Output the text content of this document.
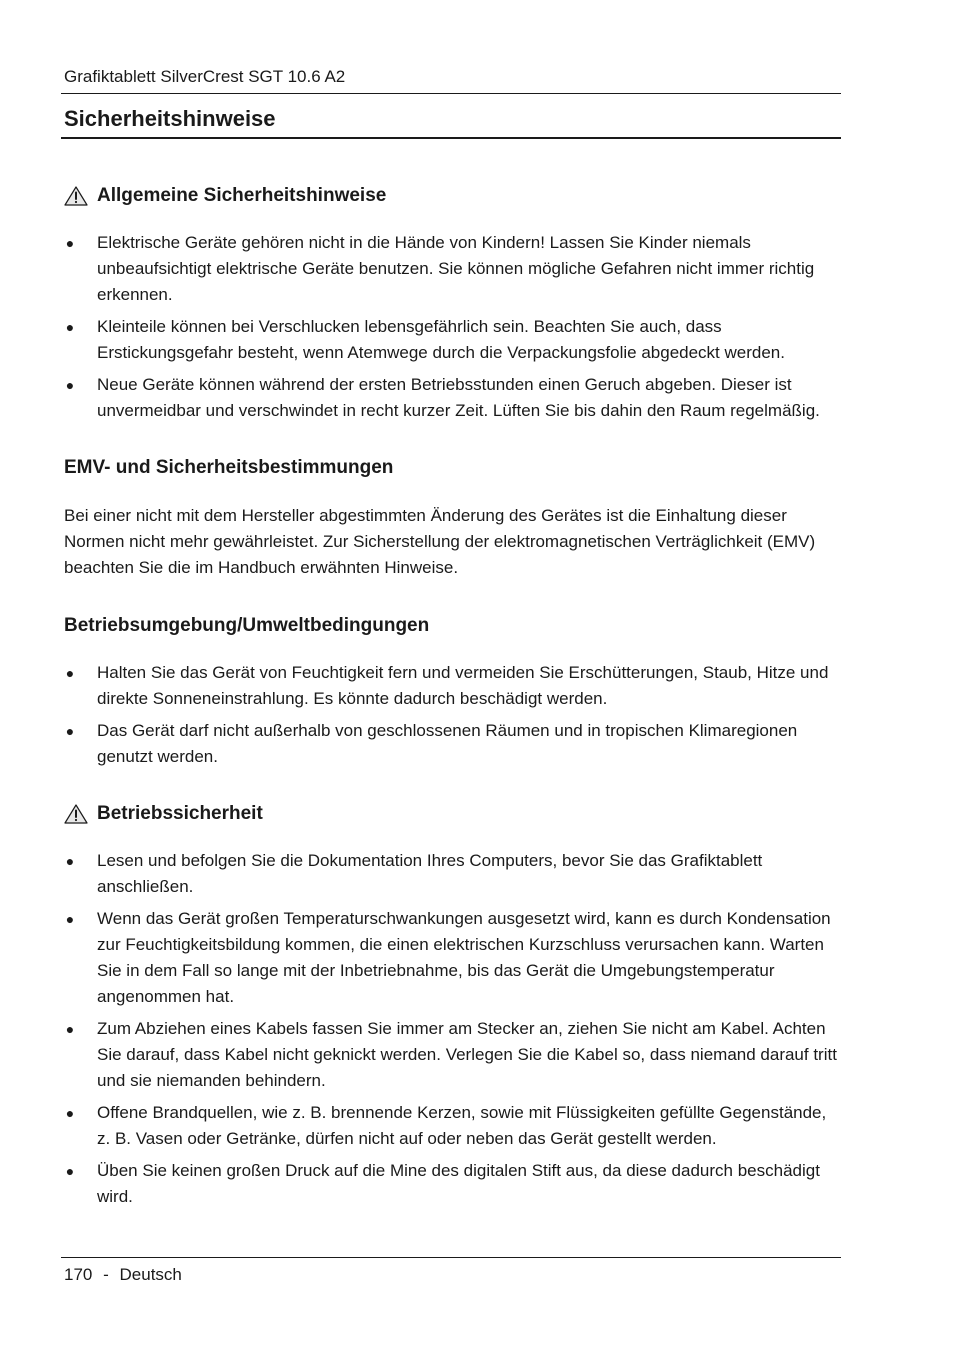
Grafiktablett SilverCrest SGT 10.6 A2
Sicherheitshinweise
Allgemeine Sicherheitshinweise
● Elektrische Geräte gehören nicht in die Hände von Kindern! Lassen Sie Kinder niemals unbeaufsichtigt elektrische Geräte benutzen. Sie können mögliche Gefahren nicht immer richtig erkennen.
● Kleinteile können bei Verschlucken lebensgefährlich sein. Beachten Sie auch, dass Erstickungsgefahr besteht, wenn Atemwege durch die Verpackungsfolie abgedeckt werden.
● Neue Geräte können während der ersten Betriebsstunden einen Geruch abgeben. Dieser ist unvermeidbar und verschwindet in recht kurzer Zeit. Lüften Sie bis dahin den Raum regelmäßig.
EMV- und Sicherheitsbestimmungen

Bei einer nicht mit dem Hersteller abgestimmten Änderung des Gerätes ist die Einhaltung dieser Normen nicht mehr gewährleistet. Zur Sicherstellung der elektromagnetischen Verträglichkeit (EMV) beachten Sie die im Handbuch erwähnten Hinweise.

Betriebsumgebung/Umweltbedingungen
● Halten Sie das Gerät von Feuchtigkeit fern und vermeiden Sie Erschütterungen, Staub, Hitze und direkte Sonneneinstrahlung. Es könnte dadurch beschädigt werden.
● Das Gerät darf nicht außerhalb von geschlossenen Räumen und in tropischen Klimaregionen genutzt werden.
Betriebssicherheit
● Lesen und befolgen Sie die Dokumentation Ihres Computers, bevor Sie das Grafiktablett anschließen.
● Wenn das Gerät großen Temperaturschwankungen ausgesetzt wird, kann es durch Kondensation zur Feuchtigkeitsbildung kommen, die einen elektrischen Kurzschluss verursachen kann. Warten Sie in dem Fall so lange mit der Inbetriebnahme, bis das Gerät die Umgebungstemperatur angenommen hat.
● Zum Abziehen eines Kabels fassen Sie immer am Stecker an, ziehen Sie nicht am Kabel. Achten Sie darauf, dass Kabel nicht geknickt werden. Verlegen Sie die Kabel so, dass niemand darauf tritt und sie niemanden behindern.
● Offene Brandquellen, wie z. B. brennende Kerzen, sowie mit Flüssigkeiten gefüllte Gegenstände, z. B. Vasen oder Getränke, dürfen nicht auf oder neben das Gerät gestellt werden.
● Üben Sie keinen großen Druck auf die Mine des digitalen Stift aus, da diese dadurch beschädigt wird.
170 - Deutsch
